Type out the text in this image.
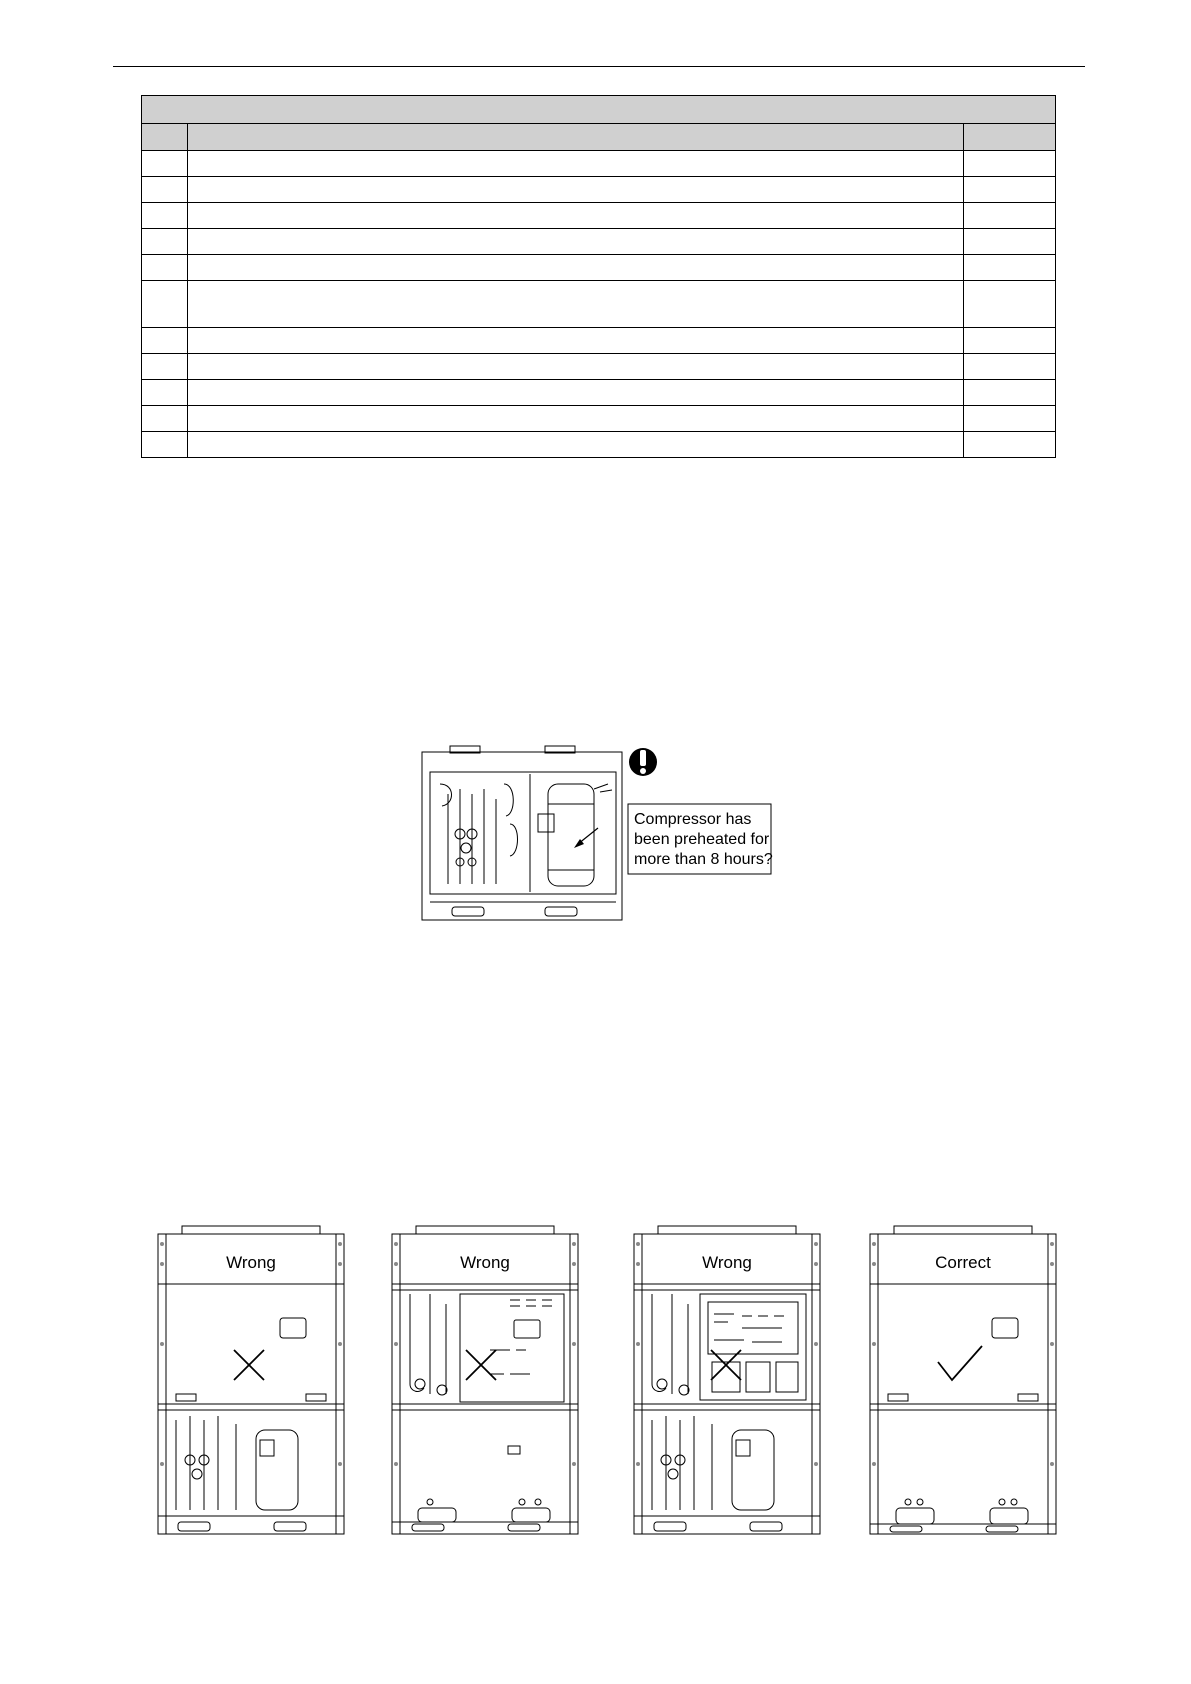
Compressor has
been preheated for
more than 8 hours?
Wrong	Wrong	Wrong	Correct
